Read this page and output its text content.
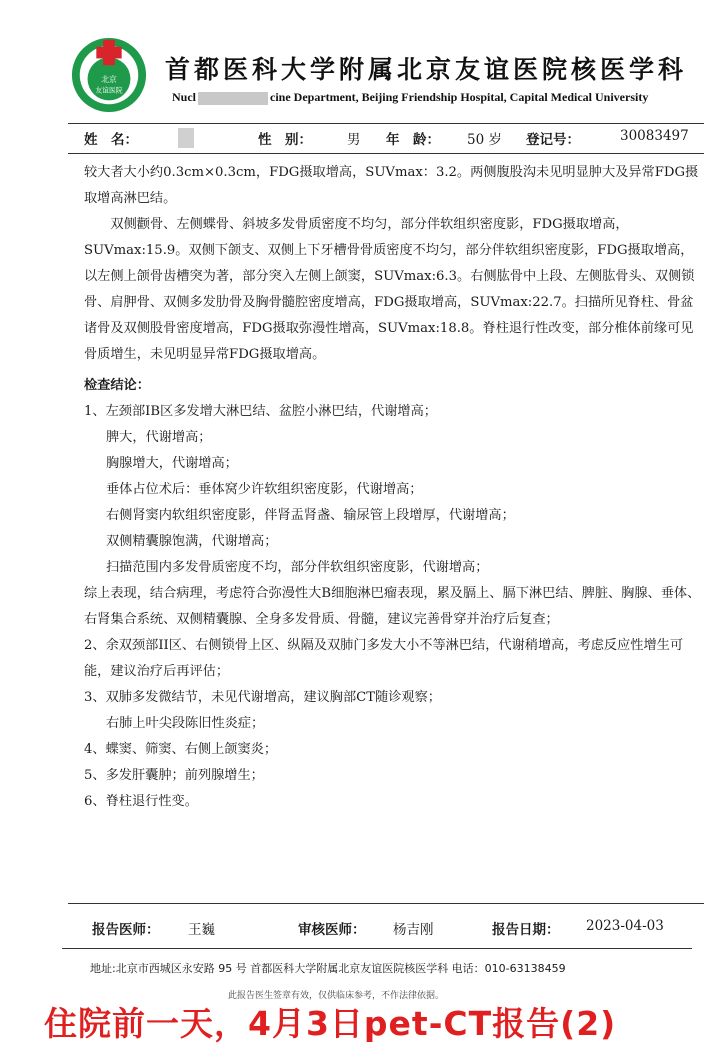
北京
友谊医院
首都医科大学附属北京友谊医院核医学科
Nucl	cine Department, Beijing Friendship Hospital, Capital Medical University
姓　名：	性　别：	男 年　龄： 50 岁 登记号：	30083497

较大者大小约0.3cm×0.3cm，FDG摄取增高，SUVmax：3.2。两侧腹股沟未见明显肿大及异常FDG摄取增高淋巴结。

双侧颧骨、左侧蝶骨、斜坡多发骨质密度不均匀，部分伴软组织密度影，FDG摄取增高，SUVmax:15.9。双侧下颌支、双侧上下牙槽骨骨质密度不均匀，部分伴软组织密度影，FDG摄取增高，以左侧上颌骨齿槽突为著，部分突入左侧上颌窦，SUVmax:6.3。右侧肱骨中上段、左侧肱骨头、双侧锁骨、肩胛骨、双侧多发肋骨及胸骨髓腔密度增高，FDG摄取增高，SUVmax:22.7。扫描所见脊柱、骨盆诸骨及双侧股骨密度增高，FDG摄取弥漫性增高，SUVmax:18.8。脊柱退行性改变，部分椎体前缘可见骨质增生，未见明显异常FDG摄取增高。

检查结论：

1、左颈部IB区多发增大淋巴结、盆腔小淋巴结，代谢增高；

脾大，代谢增高；

胸腺增大，代谢增高；

垂体占位术后：垂体窝少许软组织密度影，代谢增高；

右侧肾窦内软组织密度影，伴肾盂肾盏、输尿管上段增厚，代谢增高；

双侧精囊腺饱满，代谢增高；

扫描范围内多发骨质密度不均，部分伴软组织密度影，代谢增高；

综上表现，结合病理，考虑符合弥漫性大B细胞淋巴瘤表现，累及膈上、膈下淋巴结、脾脏、胸腺、垂体、右肾集合系统、双侧精囊腺、全身多发骨质、骨髓，建议完善骨穿并治疗后复查；

2、余双颈部II区、右侧锁骨上区、纵隔及双肺门多发大小不等淋巴结，代谢稍增高，考虑反应性增生可能，建议治疗后再评估；

3、双肺多发微结节，未见代谢增高，建议胸部CT随诊观察；

右肺上叶尖段陈旧性炎症；

4、蝶窦、筛窦、右侧上颌窦炎；

5、多发肝囊肿；前列腺增生；

6、脊柱退行性变。

报告医师： 王巍	审核医师： 杨吉刚	报告日期： 2023-04-03
地址:北京市西城区永安路 95 号 首都医科大学附属北京友谊医院核医学科 电话：010-63138459
此报告医生签章有效，仅供临床参考，不作法律依据。
住院前一天，4月3日pet-CT报告(2)
